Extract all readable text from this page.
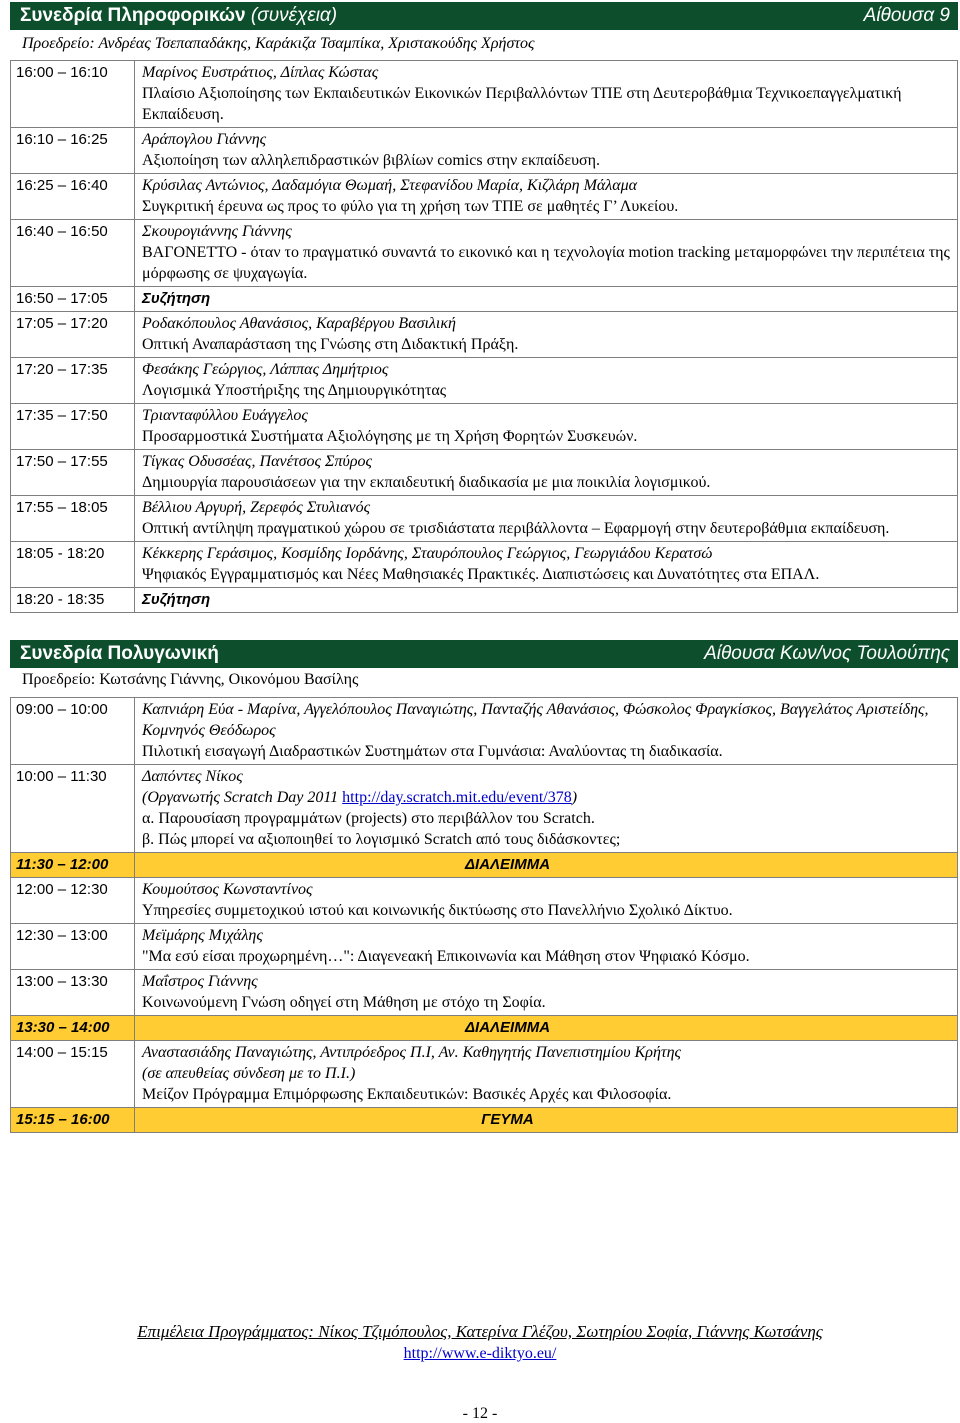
Συνεδρία Πληροφορικών (συνέχεια)	Αίθουσα 9
Προεδρείο: Ανδρέας Τσεπαπαδάκης, Καράκιζα Τσαμπίκα, Χριστακούδης Χρήστος
16:00 – 16:10	Μαρίνος Ευστράτιος, Δίπλας Κώστας
Πλαίσιο Αξιοποίησης των Εκπαιδευτικών Εικονικών Περιβαλλόντων ΤΠΕ στη Δευτεροβάθμια Τεχνικοεπαγγελματική Εκπαίδευση.

16:10 – 16:25	Αράπογλου Γιάννης
Αξιοποίηση των αλληλεπιδραστικών βιβλίων comics στην εκπαίδευση.

16:25 – 16:40	Κρύσιλας Αντώνιος, Δαδαμόγια Θωμαή, Στεφανίδου Μαρία, Κιζλάρη Μάλαμα
Συγκριτική έρευνα ως προς το φύλο για τη χρήση των ΤΠΕ σε μαθητές Γ’ Λυκείου.

16:40 – 16:50	Σκουρογιάννης Γιάννης
ΒΑΓΟΝΕΤΤΟ - όταν το πραγματικό συναντά το εικονικό και η τεχνολογία motion tracking μεταμορφώνει την περιπέτεια της μόρφωσης σε ψυχαγωγία.

16:50 – 17:05	Συζήτηση
17:05 – 17:20	Ροδακόπουλος Αθανάσιος, Καραβέργου Βασιλική
Οπτική Αναπαράσταση της Γνώσης στη Διδακτική Πράξη.

17:20 – 17:35	Φεσάκης Γεώργιος, Λάππας Δημήτριος
Λογισμικά Υποστήριξης της Δημιουργικότητας

17:35 – 17:50	Τριανταφύλλου Ευάγγελος
Προσαρμοστικά Συστήματα Αξιολόγησης με τη Χρήση Φορητών Συσκευών.

17:50 – 17:55	Τίγκας Οδυσσέας, Πανέτσος Σπύρος
Δημιουργία παρουσιάσεων για την εκπαιδευτική διαδικασία με μια ποικιλία λογισμικού.

17:55 – 18:05	Βέλλιου Αργυρή, Ζερεφός Στυλιανός
Οπτική αντίληψη πραγματικού χώρου σε τρισδιάστατα περιβάλλοντα – Εφαρμογή στην δευτεροβάθμια εκπαίδευση.

18:05 - 18:20	Κέκκερης Γεράσιμος, Κοσμίδης Ιορδάνης, Σταυρόπουλος Γεώργιος, Γεωργιάδου Κερατσώ
Ψηφιακός Εγγραμματισμός και Νέες Μαθησιακές Πρακτικές. Διαπιστώσεις και Δυνατότητες στα ΕΠΑΛ.

18:20 - 18:35	Συζήτηση
Συνεδρία Πολυγωνική	Αίθουσα Κων/νος Τουλούπης
Προεδρείο: Κωτσάνης Γιάννης, Οικονόμου Βασίλης
09:00 – 10:00	Καπνιάρη Εύα - Μαρίνα, Αγγελόπουλος Παναγιώτης, Πανταζής Αθανάσιος, Φώσκολος Φραγκίσκος, Βαγγελάτος Αριστείδης, Κομνηνός Θεόδωρος
Πιλοτική εισαγωγή Διαδραστικών Συστημάτων στα Γυμνάσια: Αναλύοντας τη διαδικασία.

10:00 – 11:30	Δαπόντες Νίκος
(Οργανωτής Scratch Day 2011 http://day.scratch.mit.edu/event/378)
α. Παρουσίαση προγραμμάτων (projects) στο περιβάλλον του Scratch.
β. Πώς μπορεί να αξιοποιηθεί το λογισμικό Scratch από τους διδάσκοντες;

11:30 – 12:00	ΔΙΑΛΕΙΜΜΑ
12:00 – 12:30	Κουμούτσος Κωνσταντίνος
Υπηρεσίες συμμετοχικού ιστού και κοινωνικής δικτύωσης στο Πανελλήνιο Σχολικό Δίκτυο.

12:30 – 13:00	Μεϊμάρης Μιχάλης
"Μα εσύ είσαι προχωρημένη…": Διαγενεακή Επικοινωνία και Μάθηση στον Ψηφιακό Κόσμο.

13:00 – 13:30	Μαΐστρος Γιάννης
Κοινωνούμενη Γνώση οδηγεί στη Μάθηση με στόχο τη Σοφία.

13:30 – 14:00	ΔΙΑΛΕΙΜΜΑ
14:00 – 15:15	Αναστασιάδης Παναγιώτης, Αντιπρόεδρος Π.Ι, Αν. Καθηγητής Πανεπιστημίου Κρήτης
(σε απευθείας σύνδεση με το Π.Ι.)
Μείζον Πρόγραμμα Επιμόρφωσης Εκπαιδευτικών: Βασικές Αρχές και Φιλοσοφία.

15:15 – 16:00	ΓΕΥΜΑ
Επιμέλεια Προγράμματος: Νίκος Τζιμόπουλος, Κατερίνα Γλέζου, Σωτηρίου Σοφία, Γιάννης Κωτσάνης
http://www.e-diktyo.eu/
- 12 -
